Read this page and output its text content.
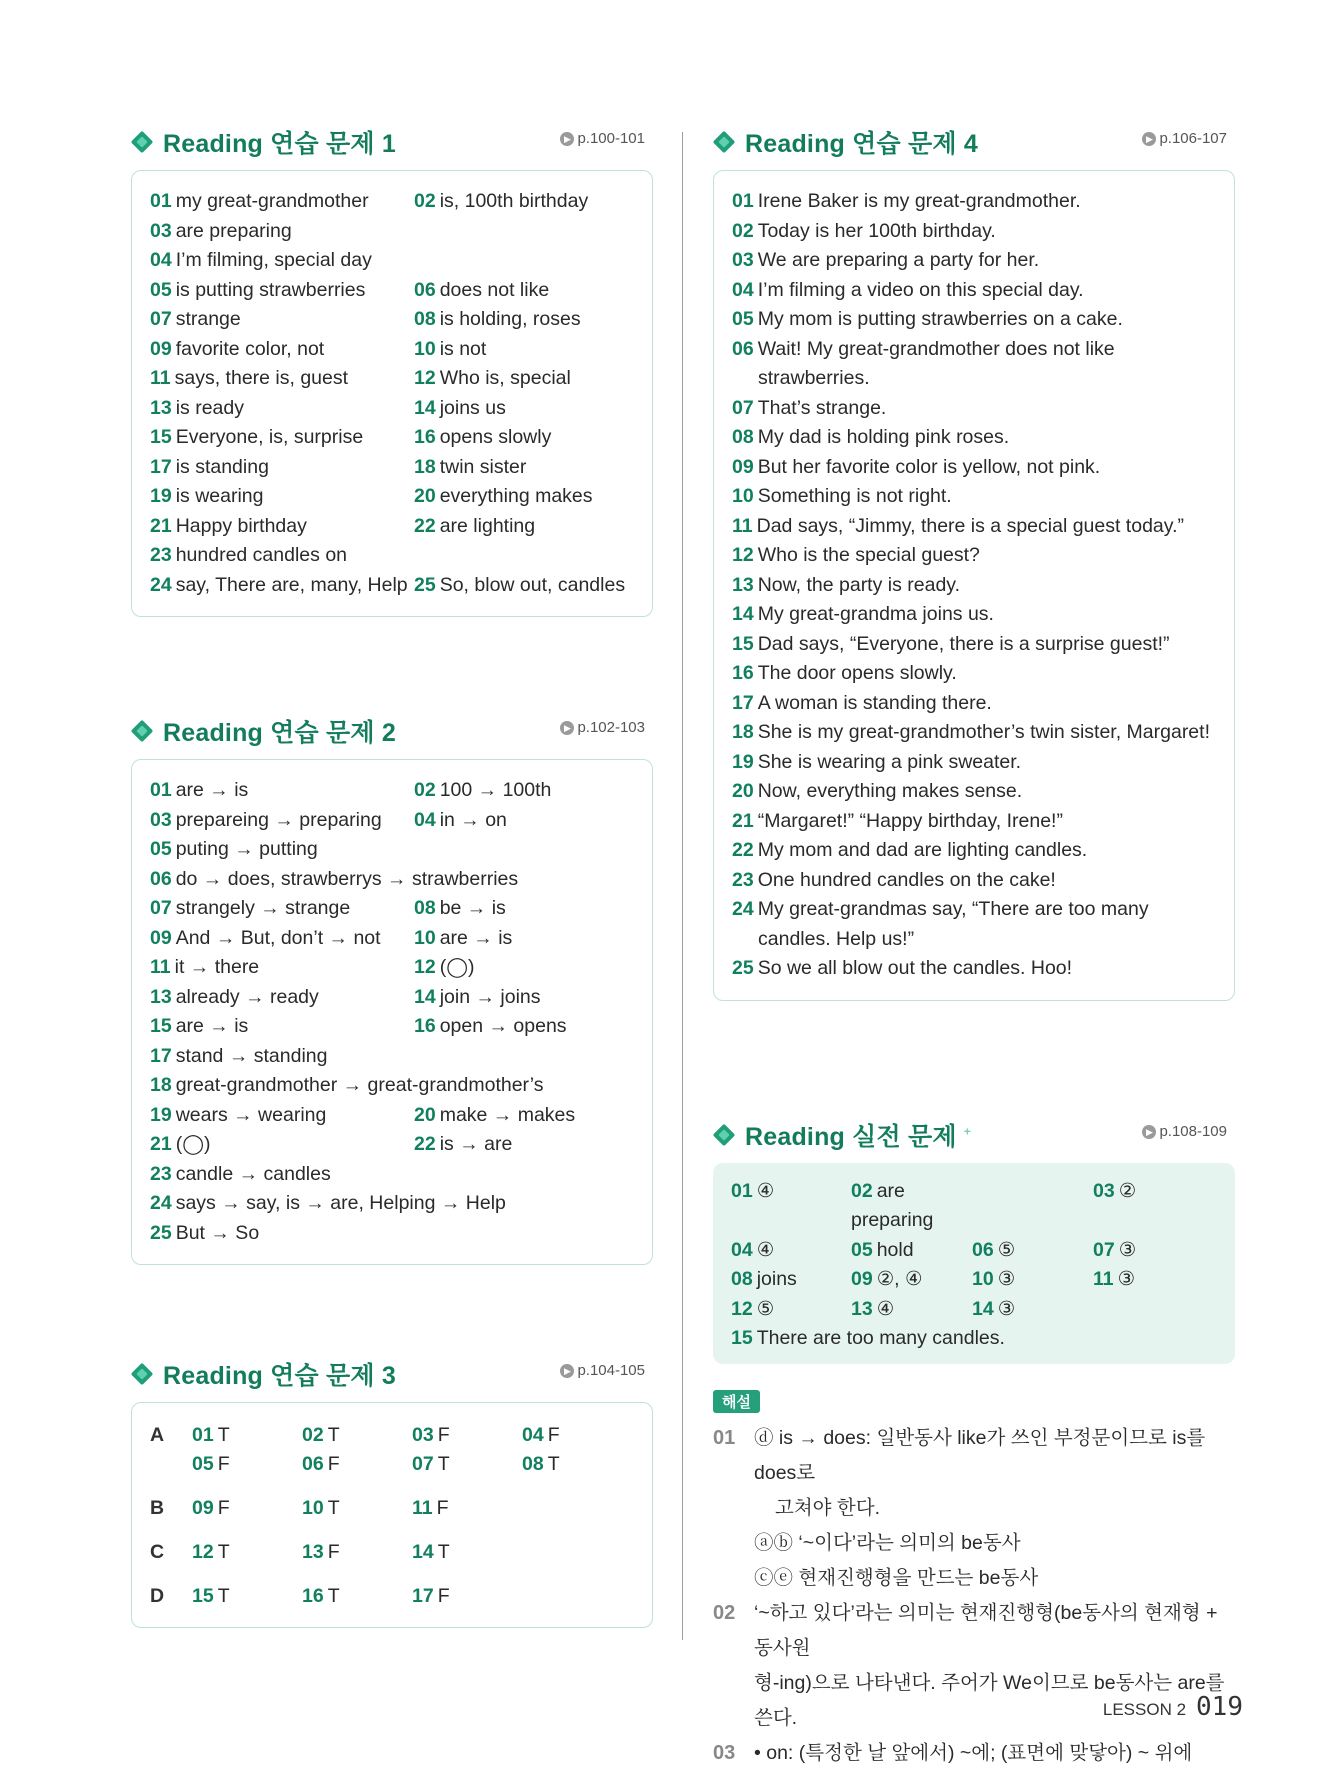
Reading 연습 문제 1	▶ p.100-101
01 my great-grandmother	02 is, 100th birthday
03 are preparing
04 I’m filming, special day
05 is putting strawberries	06 does not like
07 strange	08 is holding, roses
09 favorite color, not	10 is not
11 says, there is, guest	12 Who is, special
13 is ready	14 joins us
15 Everyone, is, surprise	16 opens slowly
17 is standing	18 twin sister
19 is wearing	20 everything makes
21 Happy birthday	22 are lighting
23 hundred candles on
24 say, There are, many, Help 25 So, blow out, candles
Reading 연습 문제 2	▶ p.102-103
01 are → is	02 100 → 100th
03 prepareing → preparing	04 in → on
05 puting → putting
06 do → does, strawberrys → strawberries
07 strangely → strange	08 be → is
09 And → But, don’t → not	10 are → is
11 it → there	12 (◯)
13 already → ready	14 join → joins
15 are → is	16 open → opens
17 stand → standing
18 great-grandmother → great-grandmother’s
19 wears → wearing	20 make → makes
21 (◯)	22 is → are
23 candle → candles
24 says → say, is → are, Helping → Help
25 But → So
Reading 연습 문제 3	▶ p.104-105
A	01 T	02 T	03 F	04 F
05 F	06 F	07 T	08 T
B	09 F	10 T	11 F
C	12 T	13 F	14 T
D	15 T	16 T	17 F
Reading 연습 문제 4	▶ p.106-107
01 Irene Baker is my great-grandmother.
02 Today is her 100th birthday.
03 We are preparing a party for her.
04 I’m filming a video on this special day.
05 My mom is putting strawberries on a cake.
06 Wait! My great-grandmother does not like strawberries.
07 That’s strange.
08 My dad is holding pink roses.
09 But her favorite color is yellow, not pink.
10 Something is not right.
11 Dad says, “Jimmy, there is a special guest today.”
12 Who is the special guest?
13 Now, the party is ready.
14 My great-grandma joins us.
15 Dad says, “Everyone, there is a surprise guest!”
16 The door opens slowly.
17 A woman is standing there.
18 She is my great-grandmother’s twin sister, Margaret!
19 She is wearing a pink sweater.
20 Now, everything makes sense.
21 “Margaret!” “Happy birthday, Irene!”
22 My mom and dad are lighting candles.
23 One hundred candles on the cake!
24 My great-grandmas say, “There are too many candles. Help us!”
25 So we all blow out the candles. Hoo!
Reading 실전 문제 +	▶ p.108-109
01 ④	02 are preparing
03 ②
04 ④	05 hold	06 ⑤	07 ③
08 joins	09 ②, ④	10 ③	11 ③
12 ⑤	13 ④	14 ③
15 There are too many candles.
해설
01 ⓓ is → does: 일반동사 like가 쓰인 부정문이므로 is를 does로
고쳐야 한다.
ⓐⓑ ‘~이다’라는 의미의 be동사
ⓒⓔ 현재진행형을 만드는 be동사
02 ‘~하고 있다’라는 의미는 현재진행형(be동사의 현재형 + 동사원
형-ing)으로 나타낸다. 주어가 We이므로 be동사는 are를 쓴다.
03 • on: (특정한 날 앞에서) ~에; (표면에 맞닿아) ~ 위에
LESSON 2 019
